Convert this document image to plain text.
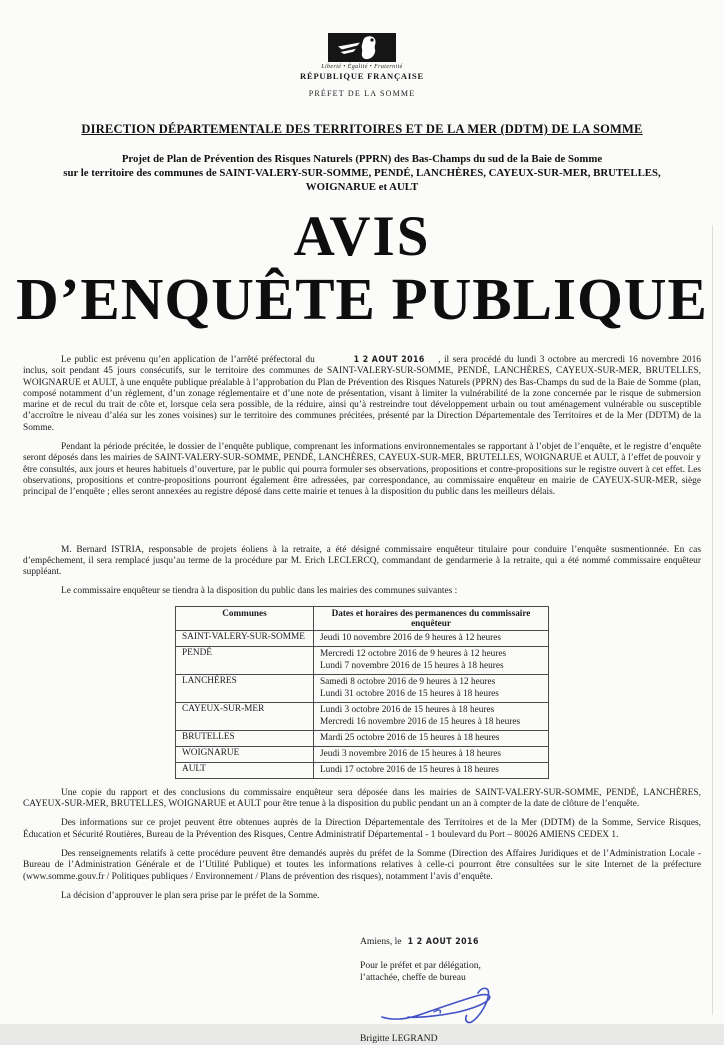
Liberté • Égalité • Fraternité
RÉPUBLIQUE FRANÇAISE
PRÉFET DE LA SOMME
DIRECTION DÉPARTEMENTALE DES TERRITOIRES ET DE LA MER (DDTM) DE LA SOMME
Projet de Plan de Prévention des Risques Naturels (PPRN) des Bas-Champs du sud de la Baie de Somme
sur le territoire des communes de SAINT-VALERY-SUR-SOMME, PENDÉ, LANCHÈRES, CAYEUX-SUR-MER, BRUTELLES,
WOIGNARUE et AULT
AVIS
D’ENQUÊTE PUBLIQUE

Le public est prévenu qu’en application de l’arrêté préfectoral du	1 2 AOUT 2016 , il sera procédé du lundi 3 octobre au mercredi 16 novembre 2016 inclus, soit pendant 45 jours consécutifs, sur le territoire des communes de SAINT-VALERY-SUR-SOMME, PENDÉ, LANCHÈRES, CAYEUX-SUR-MER, BRUTELLES, WOIGNARUE et AULT, à une enquête publique préalable à l’approbation du Plan de Prévention des Risques Naturels (PPRN) des Bas-Champs du sud de la Baie de Somme (plan, composé notamment d’un règlement, d’un zonage réglementaire et d’une note de présentation, visant à limiter la vulnérabilité de la zone concernée par le risque de submersion marine et de recul du trait de côte et, lorsque cela sera possible, de la réduire, ainsi qu’à restreindre tout développement urbain ou tout aménagement vulnérable ou susceptible d’accroître le niveau d’aléa sur les zones voisines) sur le territoire des communes précitées, présenté par la Direction Départementale des Territoires et de la Mer (DDTM) de la Somme.

Pendant la période précitée, le dossier de l’enquête publique, comprenant les informations environnementales se rapportant à l’objet de l’enquête, et le registre d’enquête seront déposés dans les mairies de SAINT-VALERY-SUR-SOMME, PENDÉ, LANCHÈRES, CAYEUX-SUR-MER, BRUTELLES, WOIGNARUE et AULT, à l’effet de pouvoir y être consultés, aux jours et heures habituels d’ouverture, par le public qui pourra formuler ses observations, propositions et contre-propositions sur le registre ouvert à cet effet. Les observations, propositions et contre-propositions pourront également être adressées, par correspondance, au commissaire enquêteur en mairie de CAYEUX-SUR-MER, siège principal de l’enquête ; elles seront annexées au registre déposé dans cette mairie et tenues à la disposition du public dans les meilleurs délais.

M. Bernard ISTRIA, responsable de projets éoliens à la retraite, a été désigné commissaire enquêteur titulaire pour conduire l’enquête susmentionnée. En cas d’empêchement, il sera remplacé jusqu’au terme de la procédure par M. Erich LECLERCQ, commandant de gendarmerie à la retraite, qui a été nommé commissaire enquêteur suppléant.

Le commissaire enquêteur se tiendra à la disposition du public dans les mairies des communes suivantes :

Communes	Dates et horaires des permanences du commissaire enquêteur
SAINT-VALERY-SUR-SOMME	Jeudi 10 novembre 2016 de 9 heures à 12 heures

PENDÉ	Mercredi 12 octobre 2016 de 9 heures à 12 heures
Lundi 7 novembre 2016 de 15 heures à 18 heures

LANCHÈRES	Samedi 8 octobre 2016 de 9 heures à 12 heures
Lundi 31 octobre 2016 de 15 heures à 18 heures

CAYEUX-SUR-MER	Lundi 3 octobre 2016 de 15 heures à 18 heures
Mercredi 16 novembre 2016 de 15 heures à 18 heures

BRUTELLES	Mardi 25 octobre 2016 de 15 heures à 18 heures

WOIGNARUE	Jeudi 3 novembre 2016 de 15 heures à 18 heures

AULT	Lundi 17 octobre 2016 de 15 heures à 18 heures

Une copie du rapport et des conclusions du commissaire enquêteur sera déposée dans les mairies de SAINT-VALERY-SUR-SOMME, PENDÉ, LANCHÈRES, CAYEUX-SUR-MER, BRUTELLES, WOIGNARUE et AULT pour être tenue à la disposition du public pendant un an à compter de la date de clôture de l’enquête.

Des informations sur ce projet peuvent être obtenues auprès de la Direction Départementale des Territoires et de la Mer (DDTM) de la Somme, Service Risques, Éducation et Sécurité Routières, Bureau de la Prévention des Risques, Centre Administratif Départemental - 1 boulevard du Port – 80026 AMIENS CEDEX 1.

Des renseignements relatifs à cette procédure peuvent être demandés auprès du préfet de la Somme (Direction des Affaires Juridiques et de l’Administration Locale - Bureau de l’Administration Générale et de l’Utilité Publique) et toutes les informations relatives à celle-ci pourront être consultées sur le site Internet de la préfecture (www.somme.gouv.fr / Politiques publiques / Environnement / Plans de prévention des risques), notamment l’avis d’enquête.

La décision d’approuver le plan sera prise par le préfet de la Somme.

Amiens, le 1 2 AOUT 2016
Pour le préfet et par délégation,
l’attachée, cheffe de bureau
Brigitte LEGRAND
